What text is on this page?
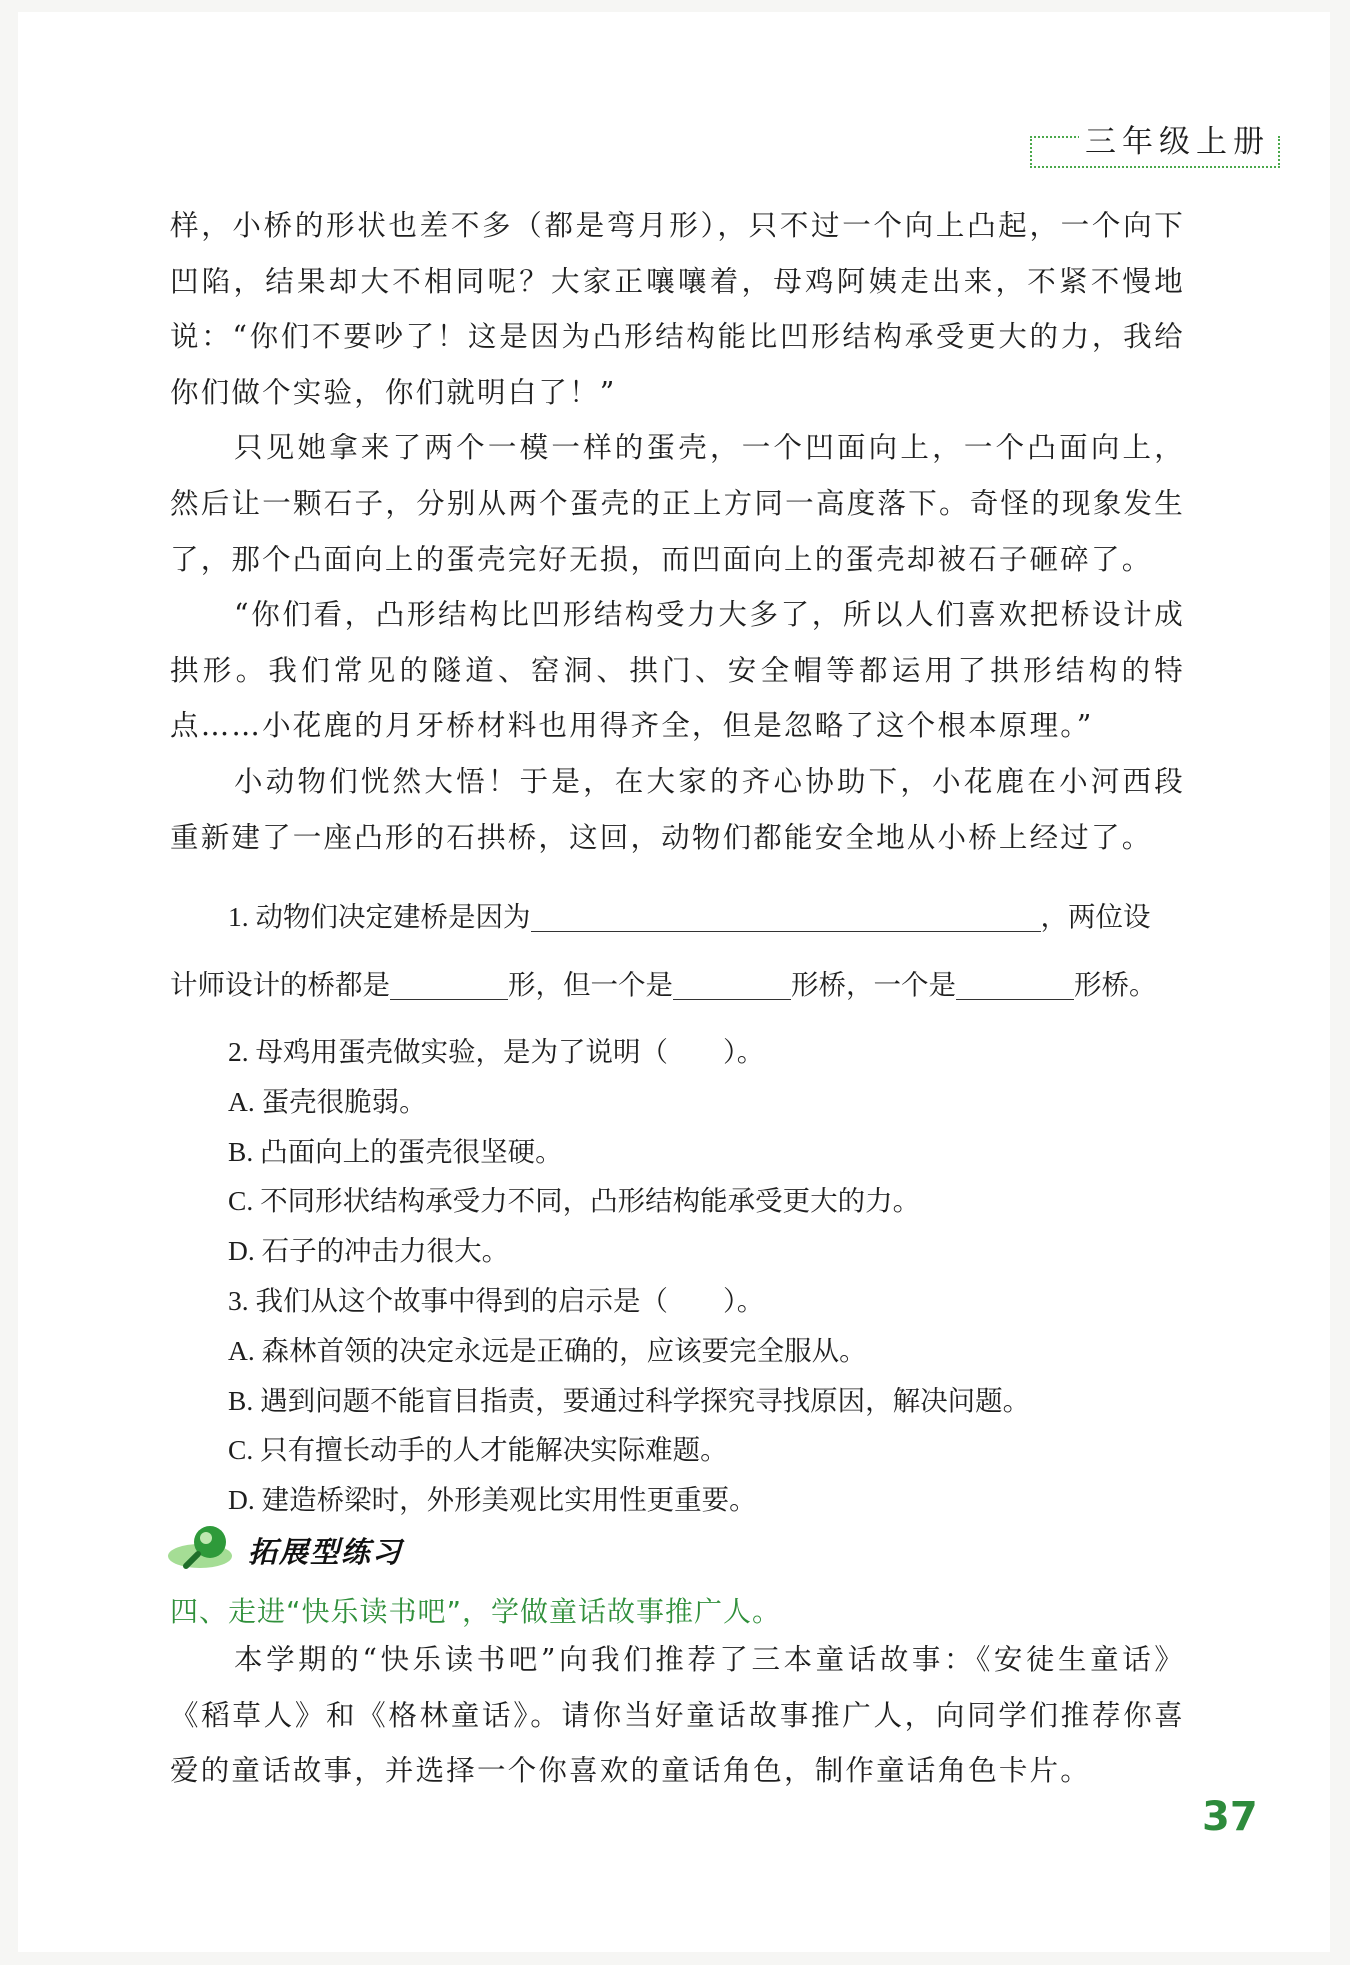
三年级上册

样，小桥的形状也差不多（都是弯月形），只不过一个向上凸起，一个向下凹陷，结果却大不相同呢？大家正嚷嚷着，母鸡阿姨走出来，不紧不慢地说：“你们不要吵了！这是因为凸形结构能比凹形结构承受更大的力，我给你们做个实验，你们就明白了！”

只见她拿来了两个一模一样的蛋壳，一个凹面向上，一个凸面向上，然后让一颗石子，分别从两个蛋壳的正上方同一高度落下。奇怪的现象发生了，那个凸面向上的蛋壳完好无损，而凹面向上的蛋壳却被石子砸碎了。

“你们看，凸形结构比凹形结构受力大多了，所以人们喜欢把桥设计成拱形。我们常见的隧道、窑洞、拱门、安全帽等都运用了拱形结构的特点……小花鹿的月牙桥材料也用得齐全，但是忽略了这个根本原理。”

小动物们恍然大悟！于是，在大家的齐心协助下，小花鹿在小河西段重新建了一座凸形的石拱桥，这回，动物们都能安全地从小桥上经过了。

1. 动物们决定建桥是因为	，两位设
计师设计的桥都是	形，但一个是	形桥，一个是	形桥。

2. 母鸡用蛋壳做实验，是为了说明（　　）。

A. 蛋壳很脆弱。

B. 凸面向上的蛋壳很坚硬。

C. 不同形状结构承受力不同，凸形结构能承受更大的力。

D. 石子的冲击力很大。

3. 我们从这个故事中得到的启示是（　　）。

A. 森林首领的决定永远是正确的，应该要完全服从。

B. 遇到问题不能盲目指责，要通过科学探究寻找原因，解决问题。

C. 只有擅长动手的人才能解决实际难题。

D. 建造桥梁时，外形美观比实用性更重要。

拓展型练习
四、走进“快乐读书吧”，学做童话故事推广人。

本学期的“快乐读书吧”向我们推荐了三本童话故事：《安徒生童话》《稻草人》和《格林童话》。请你当好童话故事推广人，向同学们推荐你喜爱的童话故事，并选择一个你喜欢的童话角色，制作童话角色卡片。

37
